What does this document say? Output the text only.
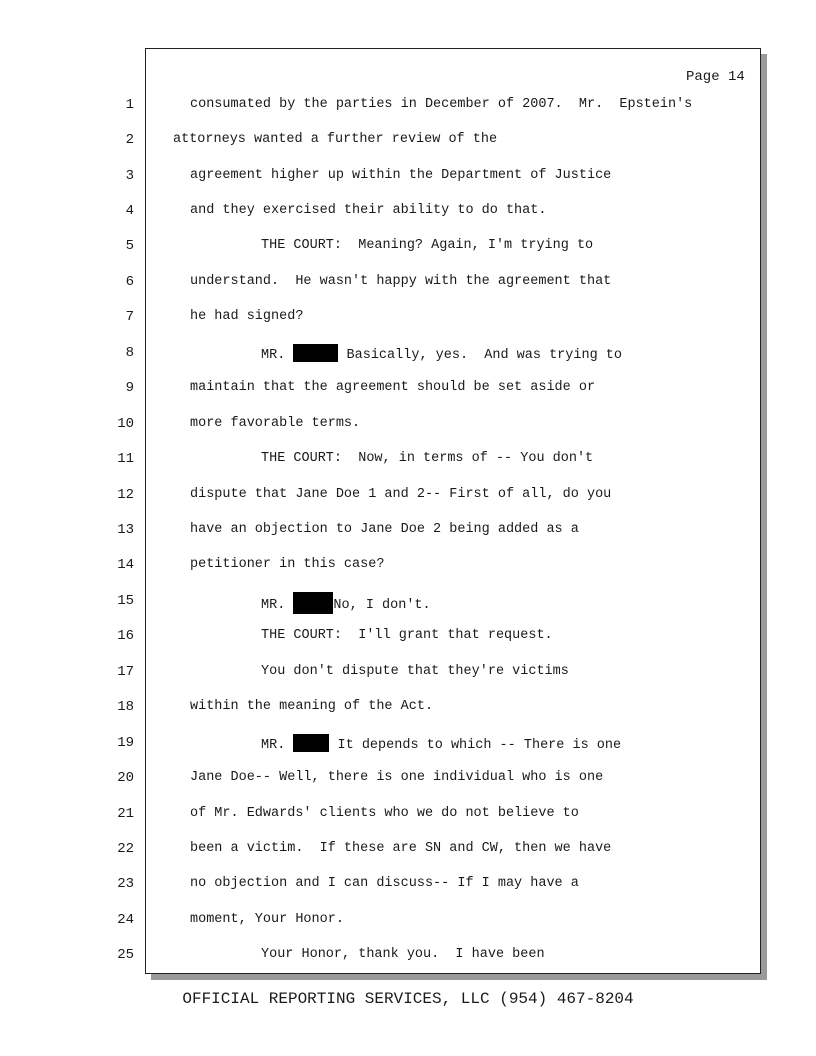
Page 14
1	consumated by the parties in December of 2007.  Mr.  Epstein's
2	attorneys wanted a further review of the
3	agreement higher up within the Department of Justice
4	and they exercised their ability to do that.
5	THE COURT:  Meaning? Again, I'm trying to
6	understand.  He wasn't happy with the agreement that
7	he had signed?
8	MR.	Basically, yes.  And was trying to
9	maintain that the agreement should be set aside or
10	more favorable terms.
11	THE COURT:  Now, in terms of -- You don't
12	dispute that Jane Doe 1 and 2-- First of all, do you
13	have an objection to Jane Doe 2 being added as a
14	petitioner in this case?
15	MR.	No, I don't.
16	THE COURT:  I'll grant that request.
17	You don't dispute that they're victims
18	within the meaning of the Act.
19	MR.	It depends to which -- There is one
20	Jane Doe-- Well, there is one individual who is one
21	of Mr. Edwards' clients who we do not believe to
22	been a victim.  If these are SN and CW, then we have
23	no objection and I can discuss-- If I may have a
24	moment, Your Honor.
25	Your Honor, thank you.  I have been
OFFICIAL REPORTING SERVICES, LLC (954) 467-8204
